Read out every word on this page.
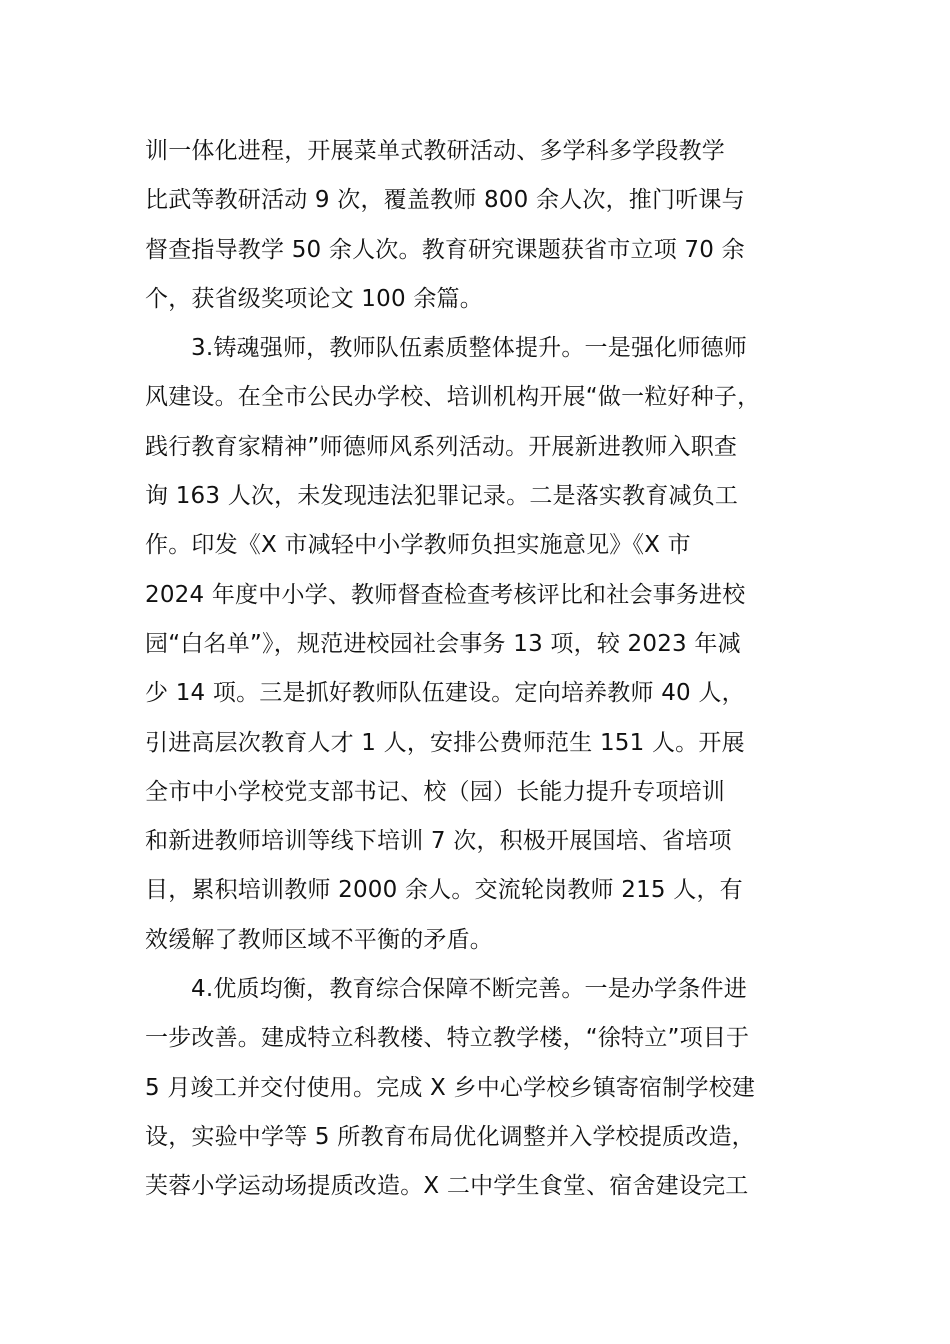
训一体化进程，开展菜单式教研活动、多学科多学段教学
比武等教研活动 9 次，覆盖教师 800 余人次，推门听课与
督查指导教学 50 余人次。教育研究课题获省市立项 70 余
个，获省级奖项论文 100 余篇。
3.铸魂强师，教师队伍素质整体提升。一是强化师德师
风建设。在全市公民办学校、培训机构开展“做一粒好种子，
践行教育家精神”师德师风系列活动。开展新进教师入职查
询 163 人次，未发现违法犯罪记录。二是落实教育减负工
作。印发《X 市减轻中小学教师负担实施意见》《X 市
2024 年度中小学、教师督查检查考核评比和社会事务进校
园“白名单”》，规范进校园社会事务 13 项，较 2023 年减
少 14 项。三是抓好教师队伍建设。定向培养教师 40 人，
引进高层次教育人才 1 人，安排公费师范生 151 人。开展
全市中小学校党支部书记、校（园）长能力提升专项培训
和新进教师培训等线下培训 7 次，积极开展国培、省培项
目，累积培训教师 2000 余人。交流轮岗教师 215 人，有
效缓解了教师区域不平衡的矛盾。
4.优质均衡，教育综合保障不断完善。一是办学条件进
一步改善。建成特立科教楼、特立教学楼，“徐特立”项目于
5 月竣工并交付使用。完成 X 乡中心学校乡镇寄宿制学校建
设，实验中学等 5 所教育布局优化调整并入学校提质改造，
芙蓉小学运动场提质改造。X 二中学生食堂、宿舍建设完工
